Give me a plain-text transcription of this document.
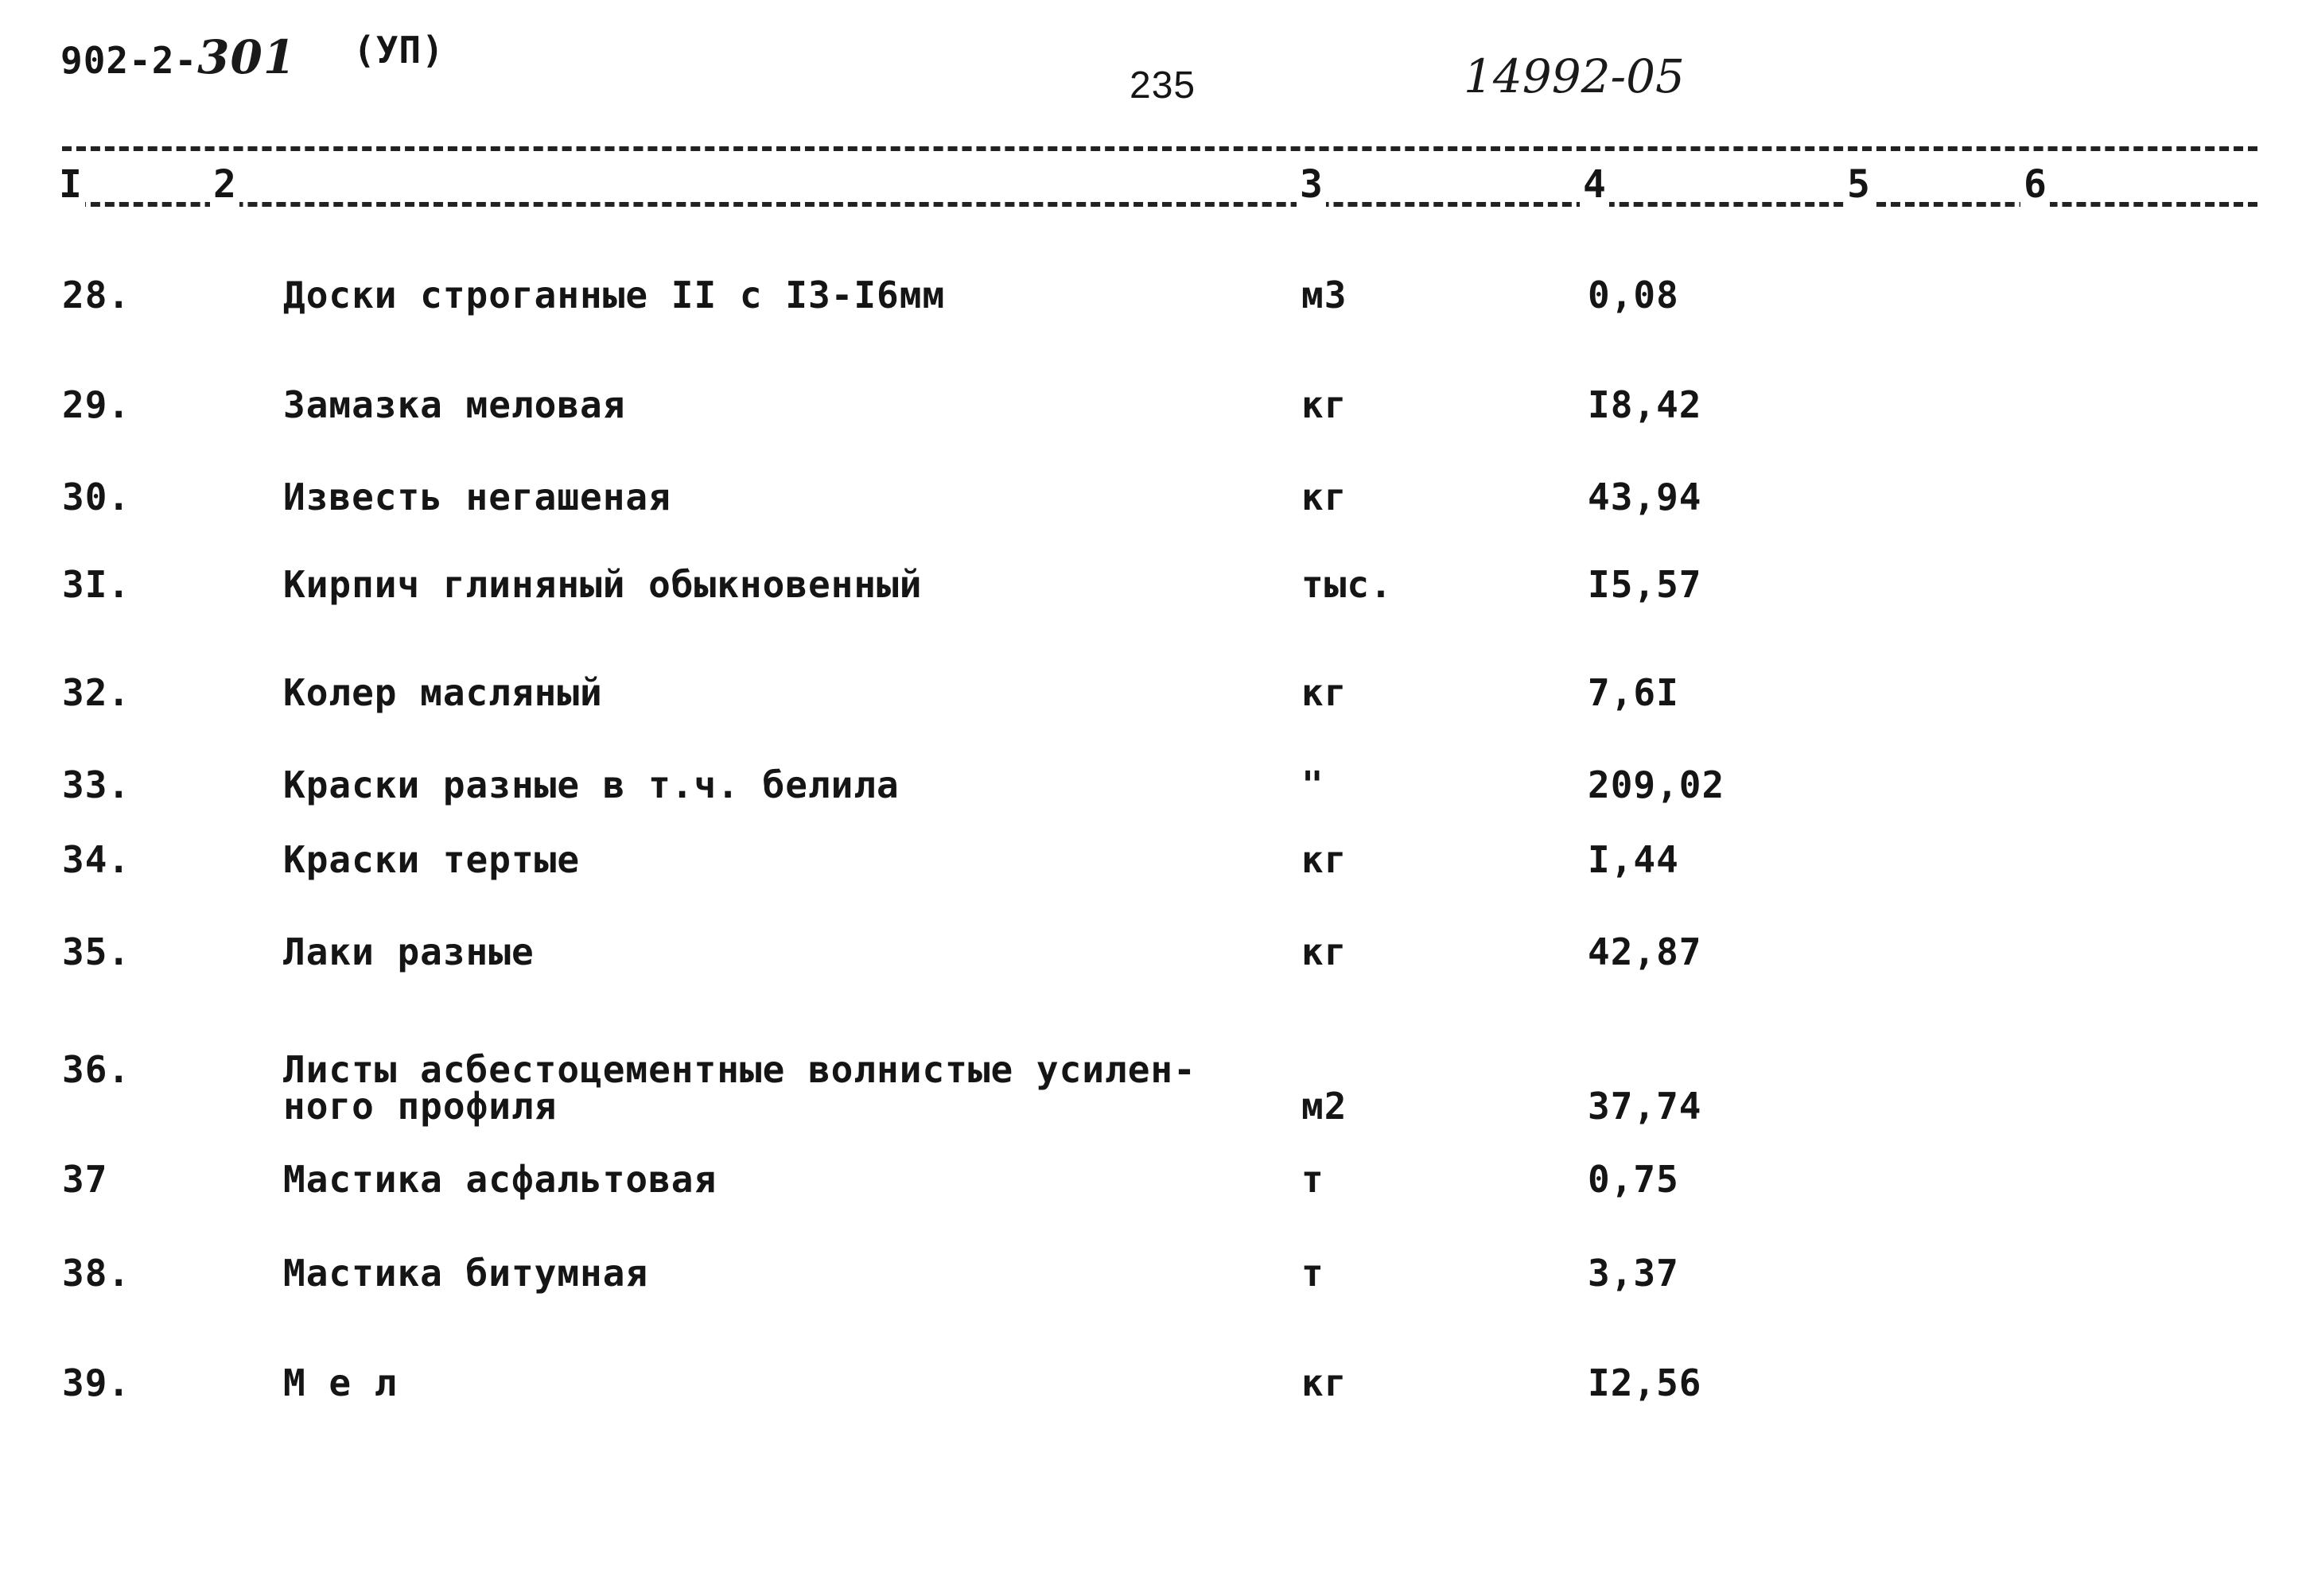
902-2-301 (УП)
235	14992-05
I	2	3	4	5	6
28.	Доски строганные II с I3-I6мм	м3	0,08
29.	Замазка меловая	кг	I8,42
30.	Известь негашеная	кг	43,94
3I.	Кирпич глиняный обыкновенный	тыс.	I5,57
32.	Колер масляный	кг	7,6I
33.	Краски разные в т.ч. белила	"	209,02
34.	Краски тертые	кг	I,44
35.	Лаки разные	кг	42,87
36.	Листы асбестоцементные волнистые усилен-
ного профиля	м2	37,74
37	Мастика асфальтовая	т	0,75
38.	Мастика битумная	т	3,37
39.	М е л	кг	I2,56
